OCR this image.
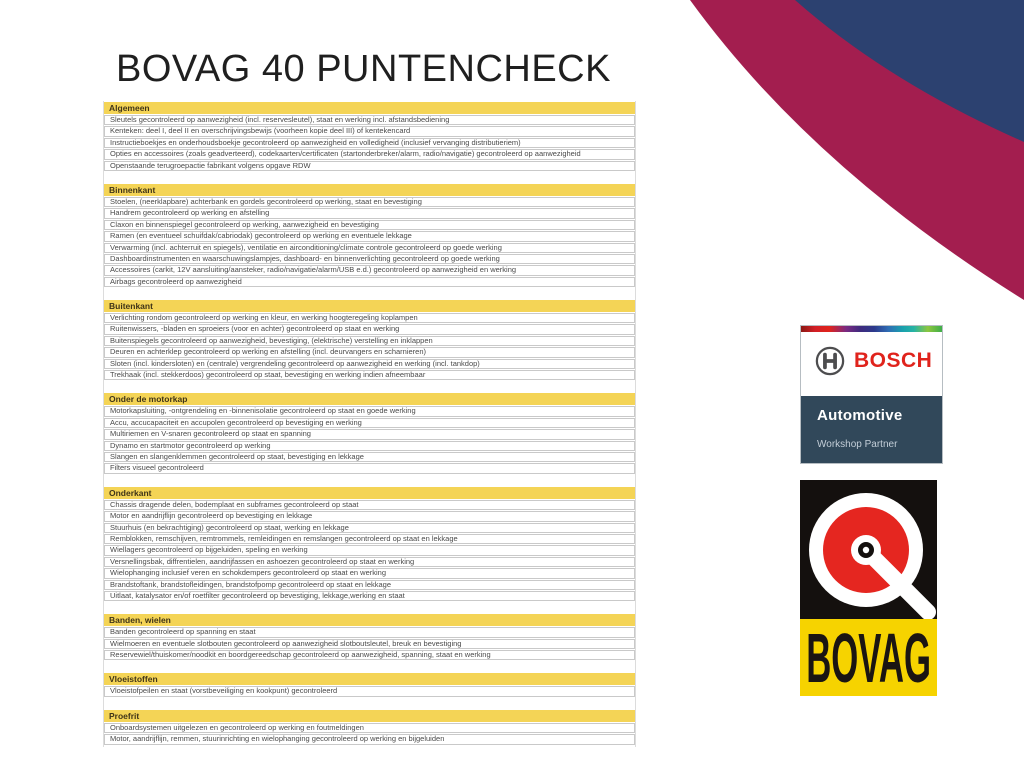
BOVAG 40 PUNTENCHECK
Algemeen
Sleutels gecontroleerd op aanwezigheid (incl. reservesleutel), staat en werking incl. afstandsbediening
Kenteken: deel I, deel II en overschrijvingsbewijs (voorheen kopie deel III) of kentekencard
Instructieboekjes en onderhoudsboekje gecontroleerd op aanwezigheid en volledigheid (inclusief vervanging distributieriem)
Opties en accessoires (zoals geadverteerd), codekaarten/certificaten (startonderbreker/alarm, radio/navigatie) gecontroleerd op aanwezigheid
Openstaande terugroepactie fabrikant volgens opgave RDW
Binnenkant
Stoelen, (neerklapbare) achterbank en gordels gecontroleerd op werking, staat en bevestiging
Handrem gecontroleerd op werking en afstelling
Claxon en binnenspiegel gecontroleerd op werking, aanwezigheid en bevestiging
Ramen (en eventueel schuifdak/cabriodak) gecontroleerd op werking en eventuele lekkage
Verwarming (incl. achterruit en spiegels), ventilatie en airconditioning/climate controle gecontroleerd op goede werking
Dashboardinstrumenten en waarschuwingslampjes, dashboard- en binnenverlichting gecontroleerd op goede werking
Accessoires (carkit, 12V aansluiting/aansteker, radio/navigatie/alarm/USB e.d.) gecontroleerd op aanwezigheid en werking
Airbags gecontroleerd op aanwezigheid
Buitenkant
Verlichting rondom gecontroleerd op werking en kleur, en werking hoogteregeling koplampen
Ruitenwissers, -bladen en sproeiers (voor en achter) gecontroleerd op staat en werking
Buitenspiegels gecontroleerd op aanwezigheid, bevestiging, (elektrische) verstelling en inklappen
Deuren en achterklep gecontroleerd op werking en afstelling (incl. deurvangers en scharnieren)
Sloten (incl. kindersloten) en (centrale) vergrendeling gecontroleerd op aanwezigheid en werking (incl. tankdop)
Trekhaak (incl. stekkerdoos) gecontroleerd op staat, bevestiging en werking indien afneembaar
Onder de motorkap
Motorkapsluiting, -ontgrendeling en -binnenisolatie gecontroleerd op staat en goede werking
Accu, accucapaciteit en accupolen gecontroleerd op bevestiging en werking
Multiriemen en V-snaren gecontroleerd op staat en spanning
Dynamo en startmotor gecontroleerd op werking
Slangen en slangenklemmen gecontroleerd op staat, bevestiging en lekkage
Filters visueel gecontroleerd
Onderkant
Chassis dragende delen, bodemplaat en subframes gecontroleerd op staat
Motor en aandrijflijn gecontroleerd op bevestiging en lekkage
Stuurhuis (en bekrachtiging) gecontroleerd op staat, werking en lekkage
Remblokken, remschijven, remtrommels, remleidingen en remslangen gecontroleerd op staat en lekkage
Wiellagers gecontroleerd op bijgeluiden, speling en werking
Versnellingsbak, diffrentielen, aandrijfassen en ashoezen gecontroleerd op staat en werking
Wielophanging inclusief veren en schokdempers gecontroleerd op staat en werking
Brandstoftank, brandstofleidingen, brandstofpomp gecontroleerd op staat en lekkage
Uitlaat, katalysator en/of roetfilter gecontroleerd op bevestiging, lekkage,werking en staat
Banden, wielen
Banden gecontroleerd op spanning en staat
Wielmoeren en eventuele slotbouten gecontroleerd op aanwezigheid slotboutsleutel, breuk en bevestiging
Reservewiel/thuiskomer/noodkit en boordgereedschap gecontroleerd op aanwezigheid, spanning, staat en werking
Vloeistoffen
Vloeistofpeilen en staat (vorstbeveiliging en kookpunt) gecontroleerd
Proefrit
Onboardsystemen uitgelezen en gecontroleerd op werking en foutmeldingen
Motor, aandrijflijn, remmen, stuurinrichting en wielophanging gecontroleerd op werking en bijgeluiden
BOSCH
Automotive
Workshop Partner
BOVAG
